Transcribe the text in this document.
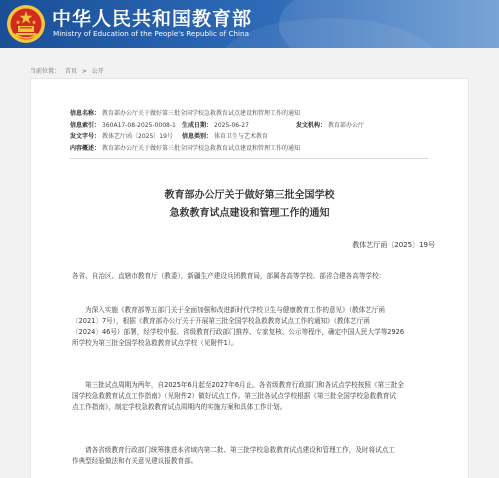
中华人民共和国教育部
Ministry of Education of the People's Republic of China
当前位置： 首页 > 公开
信息名称： 教育部办公厅关于做好第三批全国学校急救教育试点建设和管理工作的通知
信息索引： 360A17-08-2025-0008-1 生成日期： 2025-06-27	发文机构： 教育部办公厅
发文字号： 教体艺厅函〔2025〕19号 信息类别： 体育卫生与艺术教育
内容概述： 教育部办公厅关于做好第三批全国学校急救教育试点建设和管理工作的通知
教育部办公厅关于做好第三批全国学校
急救教育试点建设和管理工作的通知
教体艺厅函〔2025〕19号
各省、自治区、直辖市教育厅（教委），新疆生产建设兵团教育局，部属各高等学校、部省合建各高等学校：
为深入实施《教育部等五部门关于全面加强和改进新时代学校卫生与健康教育工作的意见》（教体艺厅函
〔2021〕7号），根据《教育部办公厅关于开展第三批全国学校急救教育试点工作的通知》（教体艺厅函
〔2024〕46号）部署，经学校申报、省级教育行政部门推荐、专家复核、公示等程序，确定中国人民大学等2926
所学校为第三批全国学校急救教育试点学校（见附件1）。
第三批试点周期为两年，自2025年6月起至2027年6月止。各省级教育行政部门和各试点学校按照《第三批全
国学校急救教育试点工作指南》（见附件2）做好试点工作。第三批各试点学校根据《第三批全国学校急救教育试
点工作指南》，制定学校急救教育试点周期内的实施方案和具体工作计划。
请各省级教育行政部门统筹推进本省域内第二批、第三批学校急救教育试点建设和管理工作，及时将试点工
作典型经验做法和有关意见建议报教育部。
